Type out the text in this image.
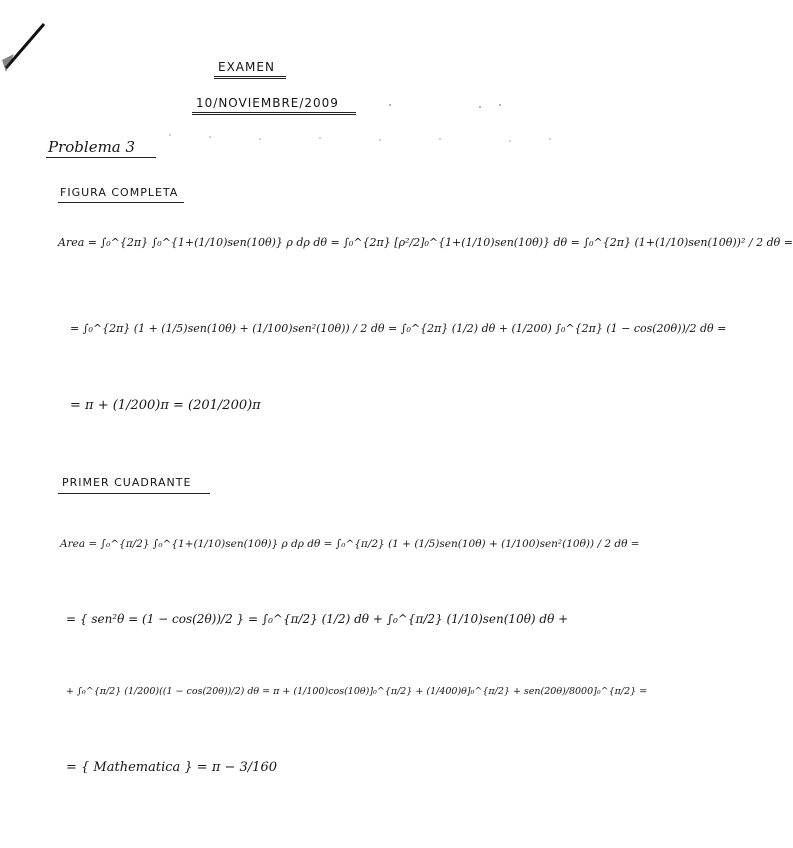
EXAMEN
10/NOVIEMBRE/2009
Problema 3
FIGURA COMPLETA
Area = ∫₀^{2π} ∫₀^{1+(1/10)sen(10θ)} ρ dρ dθ = ∫₀^{2π} [ρ²/2]₀^{1+(1/10)sen(10θ)} dθ = ∫₀^{2π} (1+(1/10)sen(10θ))² / 2 dθ =
= ∫₀^{2π} (1 + (1/5)sen(10θ) + (1/100)sen²(10θ)) / 2 dθ = ∫₀^{2π} (1/2) dθ + (1/200) ∫₀^{2π} (1 − cos(20θ))/2 dθ =
= π + (1/200)π = (201/200)π
PRIMER CUADRANTE
Area = ∫₀^{π/2} ∫₀^{1+(1/10)sen(10θ)} ρ dρ dθ = ∫₀^{π/2} (1 + (1/5)sen(10θ) + (1/100)sen²(10θ)) / 2 dθ =
= { sen²θ = (1 − cos(2θ))/2 } = ∫₀^{π/2} (1/2) dθ + ∫₀^{π/2} (1/10)sen(10θ) dθ +
+ ∫₀^{π/2} (1/200)((1 − cos(20θ))/2) dθ = π + (1/100)cos(10θ)]₀^{π/2} + (1/400)θ]₀^{π/2} + sen(20θ)/8000]₀^{π/2} =
= { Mathematica } = π − 3/160
